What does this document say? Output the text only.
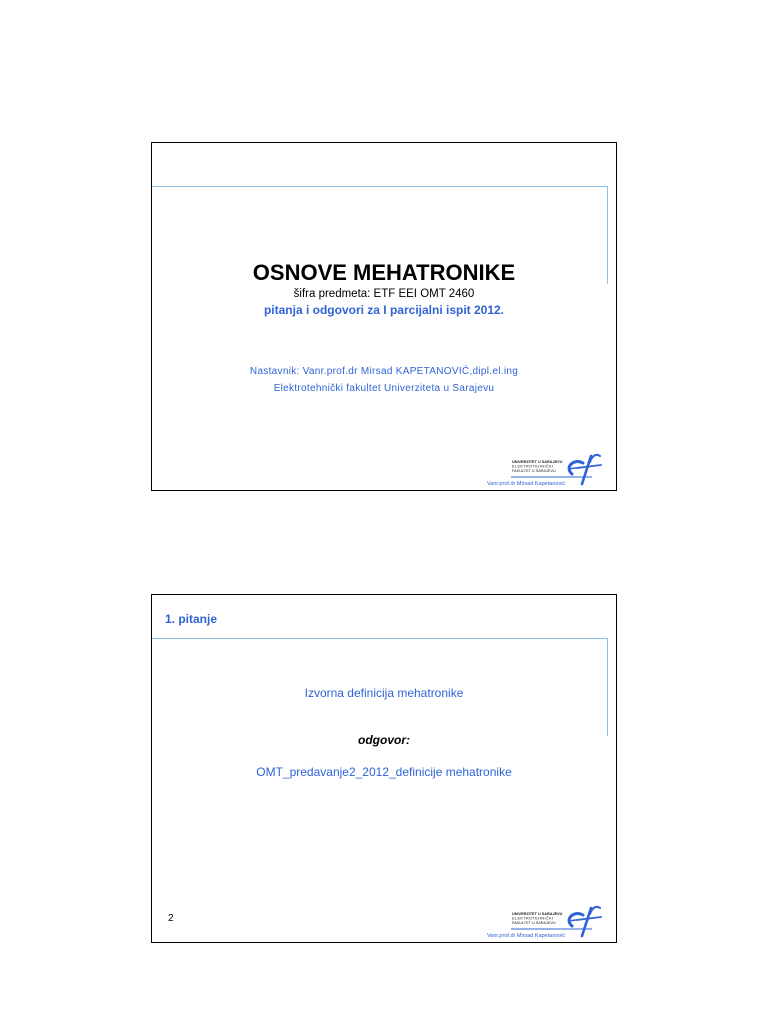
OSNOVE MEHATRONIKE
šifra predmeta: ETF EEI OMT 2460
pitanja i odgovori za I parcijalni ispit 2012.
Nastavnik: Vanr.prof.dr Mirsad KAPETANOVIĆ,dipl.el.ing
Elektrotehnički fakultet Univerziteta u Sarajevu
UNIVERZITET U SARAJEVU
ELEKTROTEHNIČKI
FAKULTET U SARAJEVU
Vanr.prof.dr Mirsad Kapetanović
1. pitanje
Izvorna definicija mehatronike
odgovor:
OMT_predavanje2_2012_definicije mehatronike
2	UNIVERZITET U SARAJEVU
ELEKTROTEHNIČKI
FAKULTET U SARAJEVU
Vanr.prof.dr Mirsad Kapetanović
